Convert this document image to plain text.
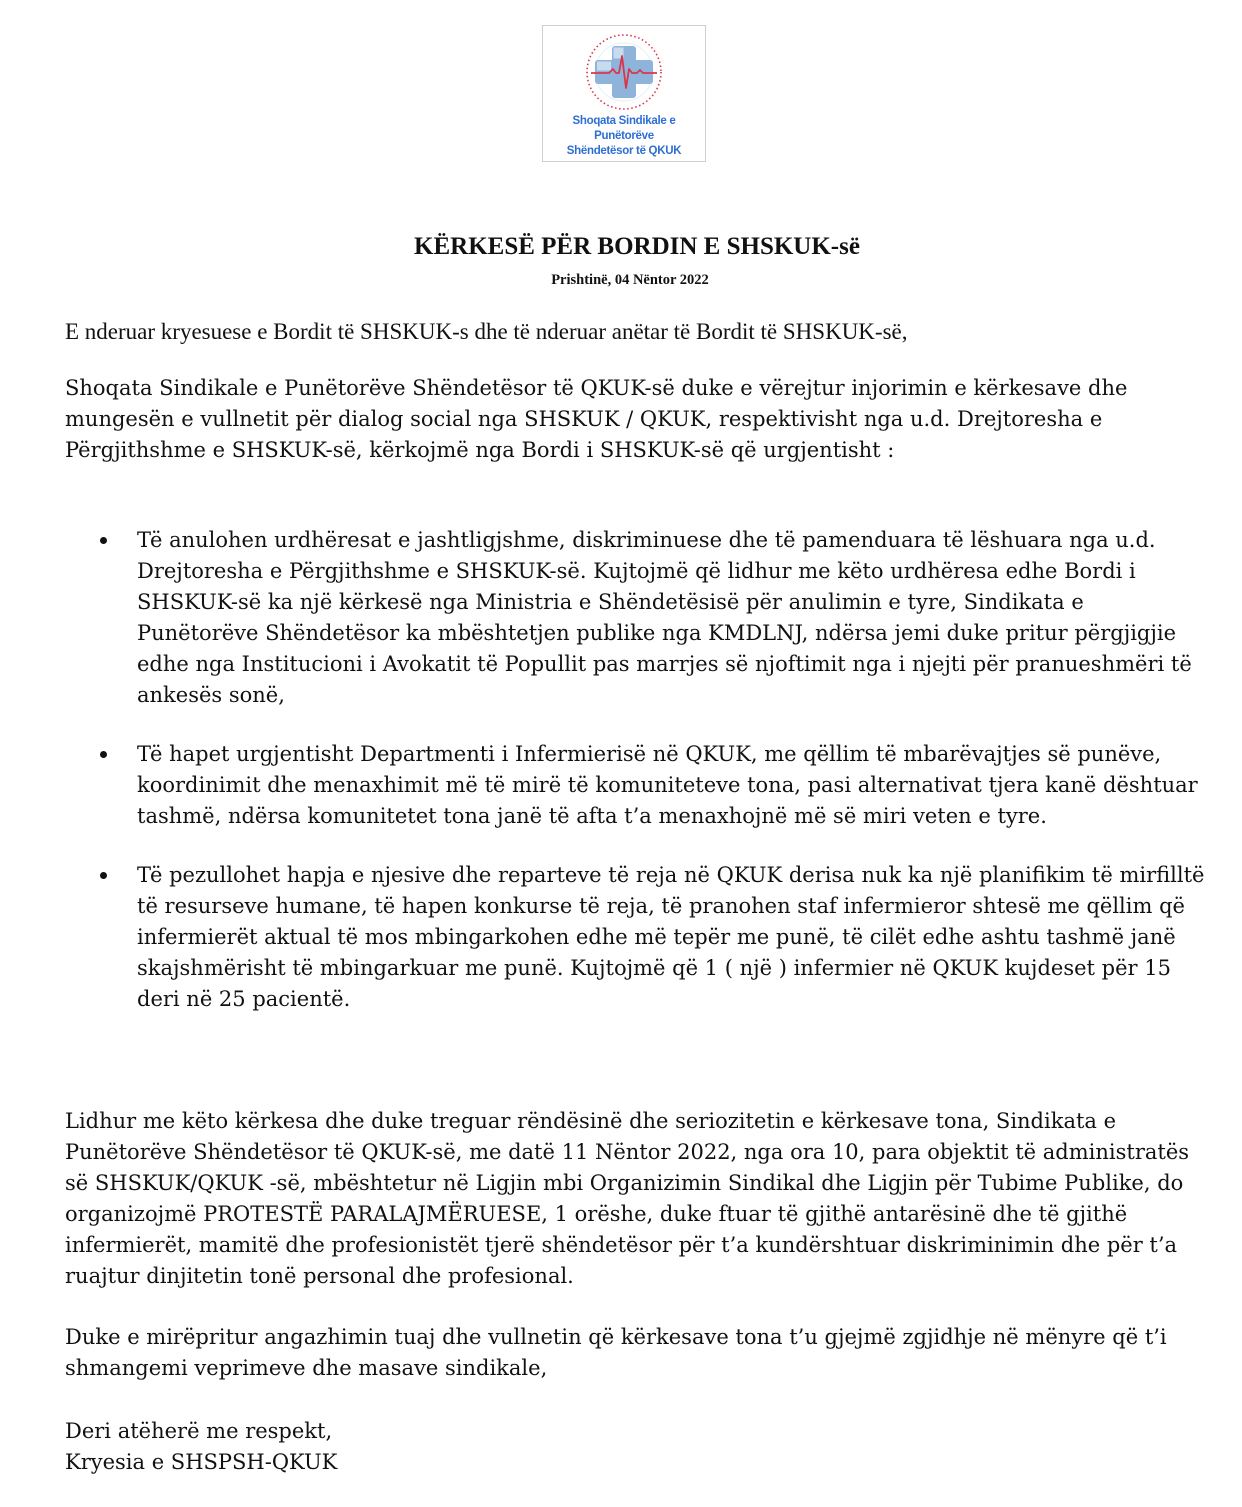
Shoqata Sindikale e Punëtorëve
Shëndetësor të QKUK
KËRKESË PËR BORDIN E SHSKUK-së
Prishtinë, 04 Nëntor 2022

E nderuar kryesuese e Bordit të SHSKUK-s dhe të nderuar anëtar të Bordit të SHSKUK-së,

Shoqata Sindikale e Punëtorëve Shëndetësor të QKUK-së duke e vërejtur injorimin e kërkesave dhe mungesën e vullnetit për dialog social nga SHSKUK / QKUK, respektivisht nga u.d. Drejtoresha e Përgjithshme e SHSKUK-së, kërkojmë nga Bordi i SHSKUK-së që urgjentisht :

Të anulohen urdhëresat e jashtligjshme, diskriminuese dhe të pamenduara të lëshuara nga u.d. Drejtoresha e Përgjithshme e SHSKUK-së. Kujtojmë që lidhur me këto urdhëresa edhe Bordi i SHSKUK-së ka një kërkesë nga Ministria e Shëndetësisë për anulimin e tyre, Sindikata e Punëtorëve Shëndetësor ka mbështetjen publike nga KMDLNJ, ndërsa jemi duke pritur përgjigjie edhe nga Institucioni i Avokatit të Popullit pas marrjes së njoftimit nga i njejti për pranueshmëri të ankesës sonë,
Të hapet urgjentisht Departmenti i Infermierisë në QKUK, me qëllim të mbarëvajtjes së punëve, koordinimit dhe menaxhimit më të mirë të komuniteteve tona, pasi alternativat tjera kanë dështuar tashmë, ndërsa komunitetet tona janë të afta t’a menaxhojnë më së miri veten e tyre.
Të pezullohet hapja e njesive dhe reparteve të reja në QKUK derisa nuk ka një planifikim të mirfilltë të resurseve humane, të hapen konkurse të reja, të pranohen staf infermieror shtesë me qëllim që infermierët aktual të mos mbingarkohen edhe më tepër me punë, të cilët edhe ashtu tashmë janë skajshmërisht të mbingarkuar me punë. Kujtojmë që 1 ( një ) infermier në QKUK kujdeset për 15 deri në 25 pacientë.

Lidhur me këto kërkesa dhe duke treguar rëndësinë dhe seriozitetin e kërkesave tona, Sindikata e Punëtorëve Shëndetësor të QKUK-së, me datë 11 Nëntor 2022, nga ora 10, para objektit të administratës së SHSKUK/QKUK -së, mbështetur në Ligjin mbi Organizimin Sindikal dhe Ligjin për Tubime Publike, do organizojmë PROTESTË PARALAJMËRUESE, 1 orëshe, duke ftuar të gjithë antarësinë dhe të gjithë infermierët, mamitë dhe profesionistët tjerë shëndetësor për t’a kundërshtuar diskriminimin dhe për t’a ruajtur dinjitetin tonë personal dhe profesional.

Duke e mirëpritur angazhimin tuaj dhe vullnetin që kërkesave tona t’u gjejmë zgjidhje në mënyre që t’i shmangemi veprimeve dhe masave sindikale,

Deri atëherë me respekt,
Kryesia e SHSPSH-QKUK
